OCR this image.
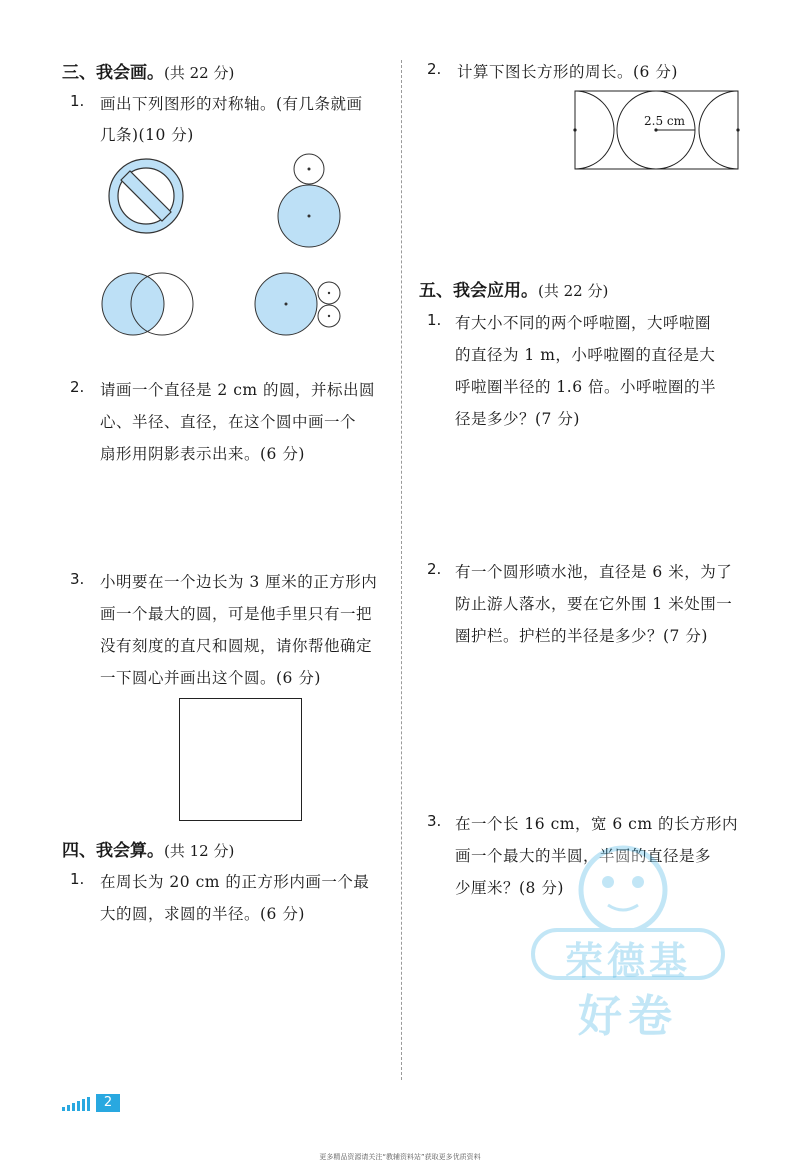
三、我会画。(共 22 分)
1. 画出下列图形的对称轴。(有几条就画
几条)(10 分)
2. 请画一个直径是 2 cm 的圆，并标出圆
心、半径、直径，在这个圆中画一个
扇形用阴影表示出来。(6 分)
3. 小明要在一个边长为 3 厘米的正方形内
画一个最大的圆，可是他手里只有一把
没有刻度的直尺和圆规，请你帮他确定
一下圆心并画出这个圆。(6 分)
四、我会算。(共 12 分)
1. 在周长为 20 cm 的正方形内画一个最
大的圆，求圆的半径。(6 分)
2. 计算下图长方形的周长。(6 分)
2.5 cm
五、我会应用。(共 22 分)
1. 有大小不同的两个呼啦圈，大呼啦圈
的直径为 1 m，小呼啦圈的直径是大
呼啦圈半径的 1.6 倍。小呼啦圈的半
径是多少？(7 分)
2. 有一个圆形喷水池，直径是 6 米，为了
防止游人落水，要在它外围 1 米处围一
圈护栏。护栏的半径是多少？(7 分)
3. 在一个长 16 cm，宽 6 cm 的长方形内
画一个最大的半圆，半圆的直径是多
少厘米？(8 分)
荣德基
好卷
2
更多精品资源请关注“教辅资料站”获取更多优质资料
